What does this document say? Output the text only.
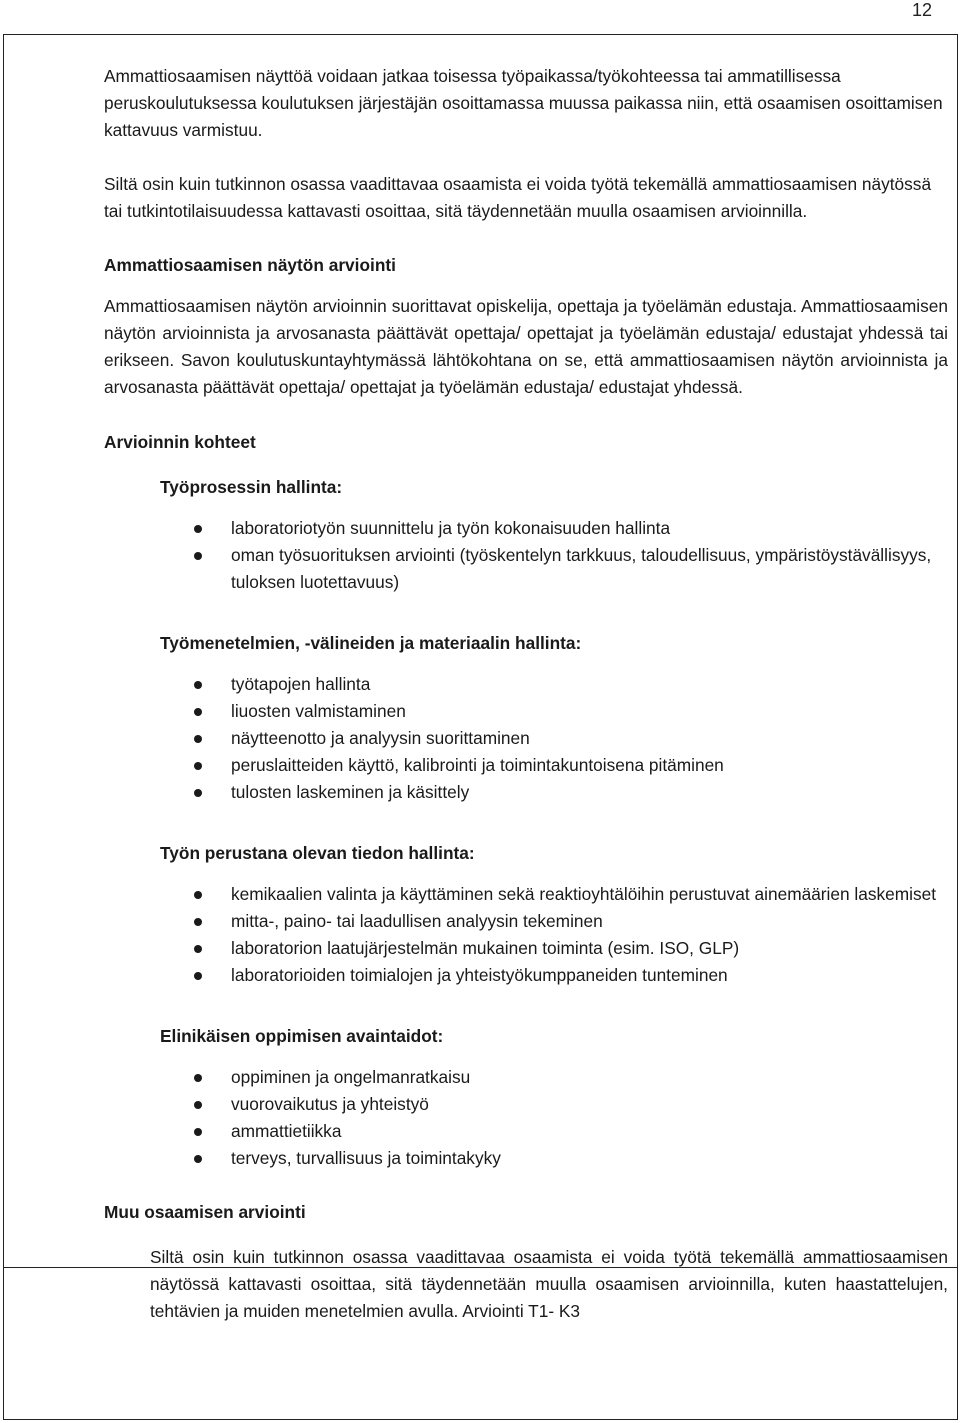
12

Ammattiosaamisen näyttöä voidaan jatkaa toisessa työpaikassa/työkohteessa tai ammatillisessa peruskoulutuksessa koulutuksen järjestäjän osoittamassa muussa paikassa niin, että osaamisen osoittamisen kattavuus varmistuu.

Siltä osin kuin tutkinnon osassa vaadittavaa osaamista ei voida työtä tekemällä ammattiosaamisen näytössä tai tutkintotilaisuudessa kattavasti osoittaa, sitä täydennetään muulla osaamisen arvioinnilla.

Ammattiosaamisen näytön arviointi

Ammattiosaamisen näytön arvioinnin suorittavat opiskelija, opettaja ja työelämän edustaja. Ammattiosaamisen näytön arvioinnista ja arvosanasta päättävät opettaja/ opettajat ja työelämän edustaja/ edustajat yhdessä tai erikseen. Savon koulutuskuntayhtymässä lähtökohtana on se, että ammattiosaamisen näytön arvioinnista ja arvosanasta päättävät opettaja/ opettajat ja työelämän edustaja/ edustajat yhdessä.

Arvioinnin kohteet

Työprosessin hallinta:

laboratoriotyön suunnittelu ja työn kokonaisuuden hallinta
oman työsuorituksen arviointi (työskentelyn tarkkuus, taloudellisuus, ympäristöystävällisyys, tuloksen luotettavuus)

Työmenetelmien, -välineiden ja materiaalin hallinta:

työtapojen hallinta
liuosten valmistaminen
näytteenotto ja analyysin suorittaminen
peruslaitteiden käyttö, kalibrointi ja toimintakuntoisena pitäminen
tulosten laskeminen ja käsittely

Työn perustana olevan tiedon hallinta:

kemikaalien valinta ja käyttäminen sekä reaktioyhtälöihin perustuvat ainemäärien laskemiset
mitta-, paino- tai laadullisen analyysin tekeminen
laboratorion laatujärjestelmän mukainen toiminta (esim. ISO, GLP)
laboratorioiden toimialojen ja yhteistyökumppaneiden tunteminen

Elinikäisen oppimisen avaintaidot:

oppiminen ja ongelmanratkaisu
vuorovaikutus ja yhteistyö
ammattietiikka
terveys, turvallisuus ja toimintakyky

Muu osaamisen arviointi

Siltä osin kuin tutkinnon osassa vaadittavaa osaamista ei voida työtä tekemällä ammattiosaamisen näytössä kattavasti osoittaa, sitä täydennetään muulla osaamisen arvioinnilla, kuten haastattelujen, tehtävien ja muiden menetelmien avulla. Arviointi T1- K3
